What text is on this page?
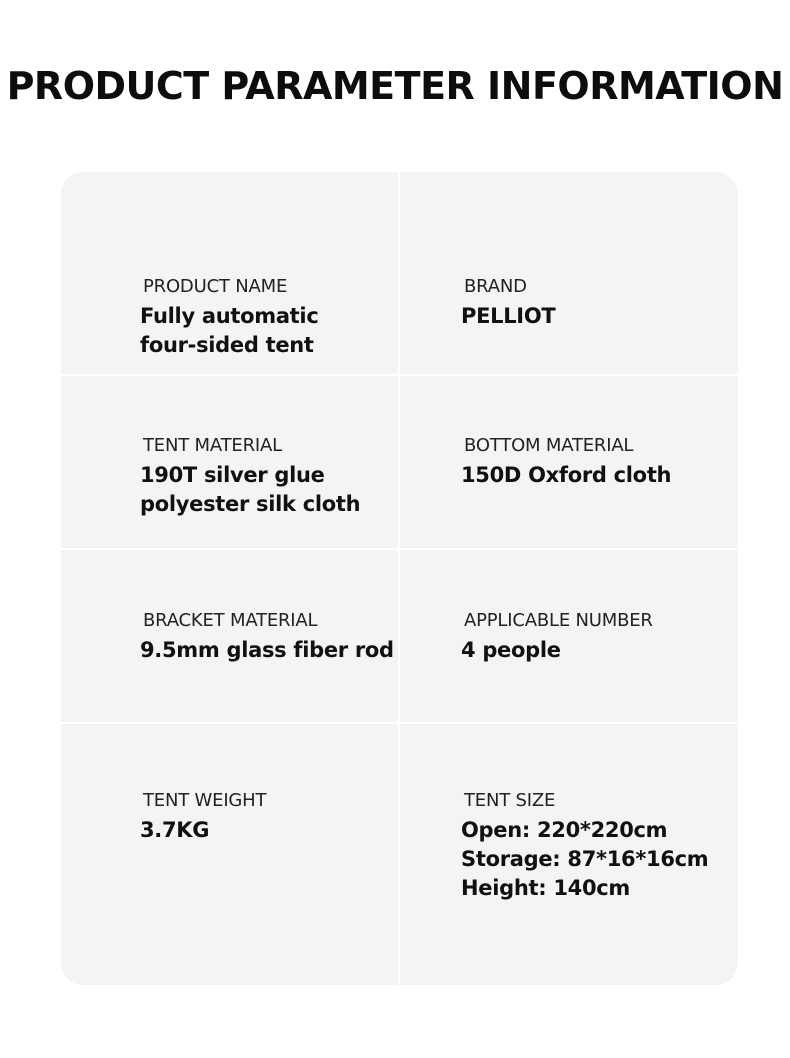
PRODUCT PARAMETER INFORMATION

PRODUCT NAME

Fully automatic
four-sided tent

BRAND

PELLIOT

TENT MATERIAL

190T silver glue
polyester silk cloth

BOTTOM MATERIAL

150D Oxford cloth

BRACKET MATERIAL

9.5mm glass fiber rod

APPLICABLE NUMBER

4 people

TENT WEIGHT

3.7KG

TENT SIZE

Open: 220*220cm
Storage: 87*16*16cm
Height: 140cm
